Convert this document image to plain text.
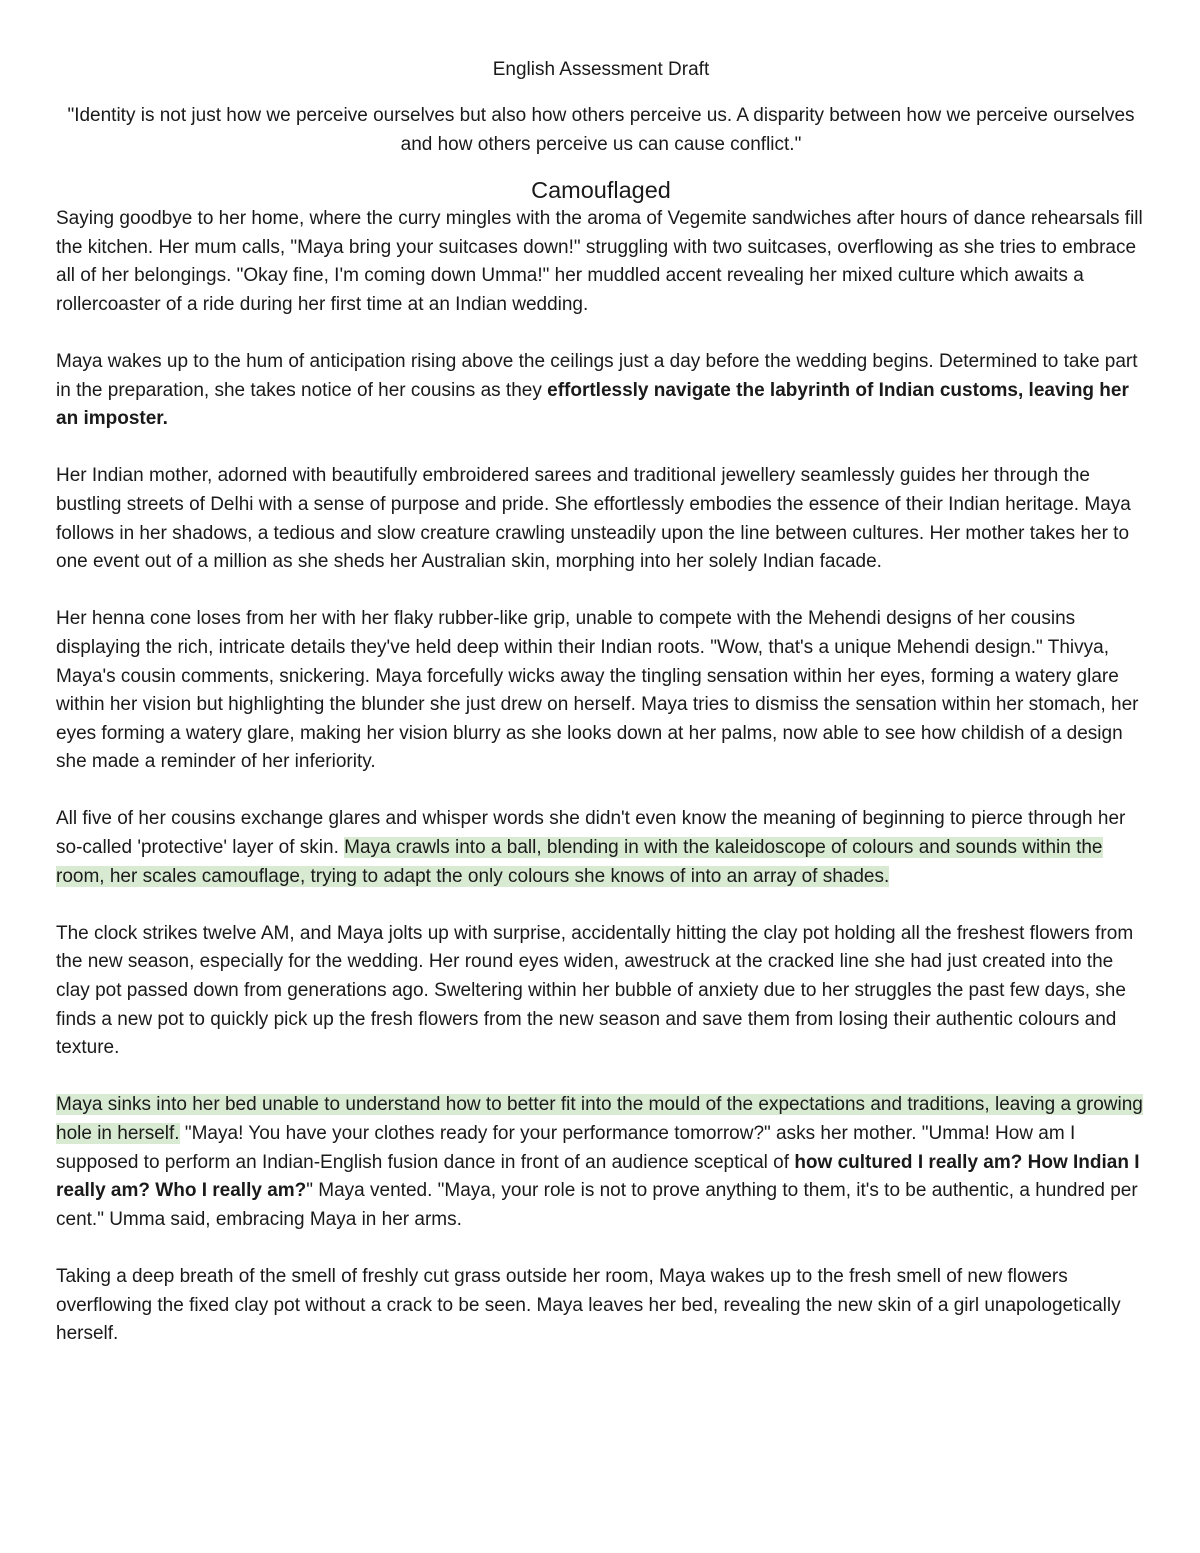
English Assessment Draft

"Identity is not just how we perceive ourselves but also how others perceive us. A disparity between how we perceive ourselves and how others perceive us can cause conflict."

Camouflaged

Saying goodbye to her home, where the curry mingles with the aroma of Vegemite sandwiches after hours of dance rehearsals fill the kitchen. Her mum calls, "Maya bring your suitcases down!" struggling with two suitcases, overflowing as she tries to embrace all of her belongings. "Okay fine, I'm coming down Umma!" her muddled accent revealing her mixed culture which awaits a rollercoaster of a ride during her first time at an Indian wedding.

Maya wakes up to the hum of anticipation rising above the ceilings just a day before the wedding begins. Determined to take part in the preparation, she takes notice of her cousins as they effortlessly navigate the labyrinth of Indian customs, leaving her an imposter.

Her Indian mother, adorned with beautifully embroidered sarees and traditional jewellery seamlessly guides her through the bustling streets of Delhi with a sense of purpose and pride. She effortlessly embodies the essence of their Indian heritage. Maya follows in her shadows, a tedious and slow creature crawling unsteadily upon the line between cultures. Her mother takes her to one event out of a million as she sheds her Australian skin, morphing into her solely Indian facade.

Her henna cone loses from her with her flaky rubber-like grip, unable to compete with the Mehendi designs of her cousins displaying the rich, intricate details they've held deep within their Indian roots. "Wow, that's a unique Mehendi design." Thivya, Maya's cousin comments, snickering. Maya forcefully wicks away the tingling sensation within her eyes, forming a watery glare within her vision but highlighting the blunder she just drew on herself. Maya tries to dismiss the sensation within her stomach, her eyes forming a watery glare, making her vision blurry as she looks down at her palms, now able to see how childish of a design she made a reminder of her inferiority.

All five of her cousins exchange glares and whisper words she didn't even know the meaning of beginning to pierce through her so-called 'protective' layer of skin. Maya crawls into a ball, blending in with the kaleidoscope of colours and sounds within the room, her scales camouflage, trying to adapt the only colours she knows of into an array of shades.

The clock strikes twelve AM, and Maya jolts up with surprise, accidentally hitting the clay pot holding all the freshest flowers from the new season, especially for the wedding. Her round eyes widen, awestruck at the cracked line she had just created into the clay pot passed down from generations ago. Sweltering within her bubble of anxiety due to her struggles the past few days, she finds a new pot to quickly pick up the fresh flowers from the new season and save them from losing their authentic colours and texture.

Maya sinks into her bed unable to understand how to better fit into the mould of the expectations and traditions, leaving a growing hole in herself. "Maya! You have your clothes ready for your performance tomorrow?" asks her mother. "Umma! How am I supposed to perform an Indian-English fusion dance in front of an audience sceptical of how cultured I really am? How Indian I really am? Who I really am?" Maya vented. "Maya, your role is not to prove anything to them, it's to be authentic, a hundred per cent." Umma said, embracing Maya in her arms.

Taking a deep breath of the smell of freshly cut grass outside her room, Maya wakes up to the fresh smell of new flowers overflowing the fixed clay pot without a crack to be seen. Maya leaves her bed, revealing the new skin of a girl unapologetically herself.
